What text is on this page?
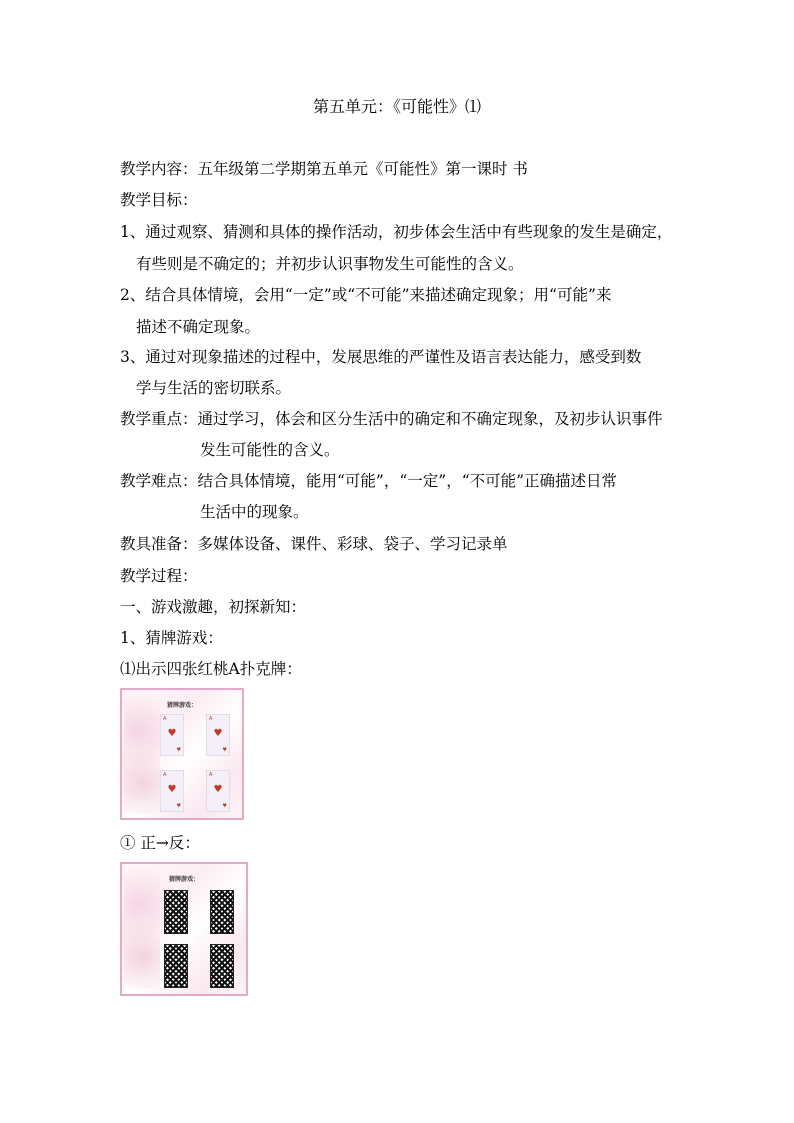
第五单元：《可能性》⑴
教学内容：五年级第二学期第五单元《可能性》第一课时 书
教学目标：
1、通过观察、猜测和具体的操作活动，初步体会生活中有些现象的发生是确定，
有些则是不确定的；并初步认识事物发生可能性的含义。
2、结合具体情境，会用“一定”或“不可能”来描述确定现象；用“可能”来
描述不确定现象。
3、通过对现象描述的过程中，发展思维的严谨性及语言表达能力，感受到数
学与生活的密切联系。
教学重点：通过学习，体会和区分生活中的确定和不确定现象，及初步认识事件
发生可能性的含义。
教学难点：结合具体情境，能用“可能”，“一定”，“不可能”正确描述日常
生活中的现象。
教具准备：多媒体设备、课件、彩球、袋子、学习记录单
教学过程：
一、游戏激趣，初探新知：
1、猜牌游戏：
⑴出示四张红桃A扑克牌：
猜牌游戏：
A
♥
♥
A
♥
♥
A
♥
♥
A
♥
♥
① 正→反：
猜牌游戏：
